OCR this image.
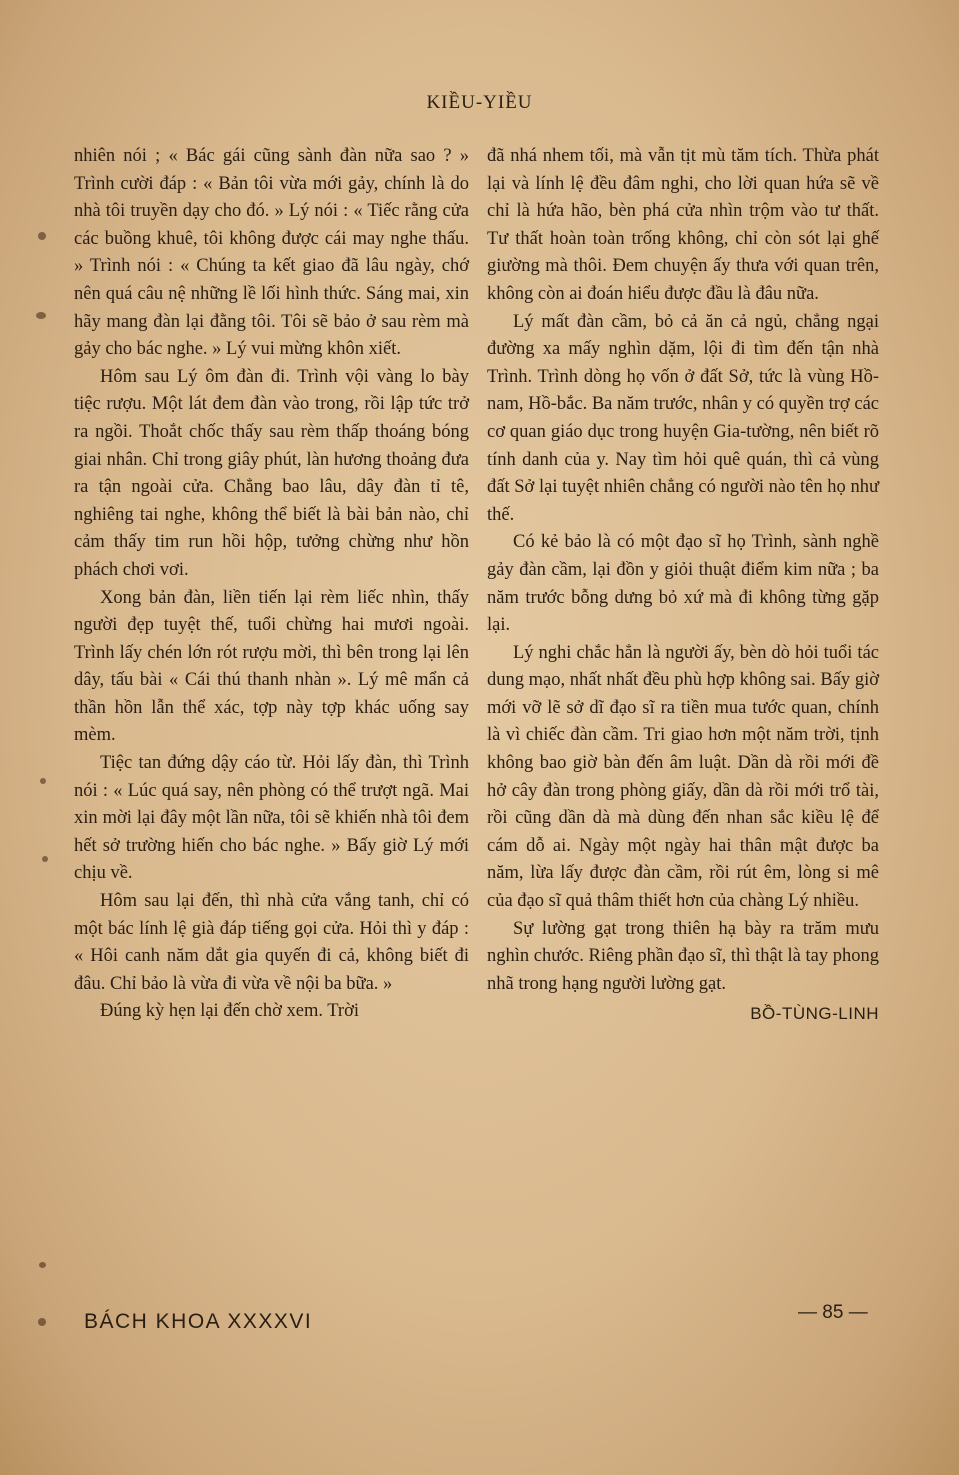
KIỀU-YIỀU

nhiên nói ; « Bác gái cũng sành đàn nữa sao ? » Trình cười đáp : « Bản tôi vừa mới gảy, chính là do nhà tôi truyền dạy cho đó. » Lý nói : « Tiếc rằng cửa các buồng khuê, tôi không được cái may nghe thấu. » Trình nói : « Chúng ta kết giao đã lâu ngày, chớ nên quá câu nệ những lề lối hình thức. Sáng mai, xin hãy mang đàn lại đằng tôi. Tôi sẽ bảo ở sau rèm mà gảy cho bác nghe. » Lý vui mừng khôn xiết.

Hôm sau Lý ôm đàn đi. Trình vội vàng lo bày tiệc rượu. Một lát đem đàn vào trong, rồi lập tức trở ra ngồi. Thoắt chốc thấy sau rèm thấp thoáng bóng giai nhân. Chỉ trong giây phút, làn hương thoảng đưa ra tận ngoài cửa. Chẳng bao lâu, dây đàn tỉ tê, nghiêng tai nghe, không thể biết là bài bản nào, chỉ cảm thấy tim run hồi hộp, tưởng chừng như hồn phách chơi vơi.

Xong bản đàn, liền tiến lại rèm liếc nhìn, thấy người đẹp tuyệt thế, tuổi chừng hai mươi ngoài. Trình lấy chén lớn rót rượu mời, thì bên trong lại lên dây, tấu bài « Cái thú thanh nhàn ». Lý mê mẩn cả thần hồn lẫn thể xác, tợp này tợp khác uống say mèm.

Tiệc tan đứng dậy cáo từ. Hỏi lấy đàn, thì Trình nói : « Lúc quá say, nên phòng có thể trượt ngã. Mai xin mời lại đây một lần nữa, tôi sẽ khiến nhà tôi đem hết sở trường hiến cho bác nghe. » Bấy giờ Lý mới chịu về.

Hôm sau lại đến, thì nhà cửa vắng tanh, chỉ có một bác lính lệ già đáp tiếng gọi cửa. Hỏi thì y đáp : « Hôi canh năm dắt gia quyến đi cả, không biết đi đâu. Chỉ bảo là vừa đi vừa về nội ba bữa. »

Đúng kỳ hẹn lại đến chờ xem. Trời

đã nhá nhem tối, mà vẫn tịt mù tăm tích. Thừa phát lại và lính lệ đều đâm nghi, cho lời quan hứa sẽ về chỉ là hứa hão, bèn phá cửa nhìn trộm vào tư thất. Tư thất hoàn toàn trống không, chỉ còn sót lại ghế giường mà thôi. Đem chuyện ấy thưa với quan trên, không còn ai đoán hiểu được đầu là đâu nữa.

Lý mất đàn cầm, bỏ cả ăn cả ngủ, chẳng ngại đường xa mấy nghìn dặm, lội đi tìm đến tận nhà Trình. Trình dòng họ vốn ở đất Sở, tức là vùng Hồ-nam, Hồ-bắc. Ba năm trước, nhân y có quyền trợ các cơ quan giáo dục trong huyện Gia-tường, nên biết rõ tính danh của y. Nay tìm hỏi quê quán, thì cả vùng đất Sở lại tuyệt nhiên chẳng có người nào tên họ như thế.

Có kẻ bảo là có một đạo sĩ họ Trình, sành nghề gảy đàn cầm, lại đồn y giỏi thuật điểm kim nữa ; ba năm trước bỗng dưng bỏ xứ mà đi không từng gặp lại.

Lý nghi chắc hẳn là người ấy, bèn dò hỏi tuổi tác dung mạo, nhất nhất đều phù hợp không sai. Bấy giờ mới vỡ lẽ sở dĩ đạo sĩ ra tiền mua tước quan, chính là vì chiếc đàn cầm. Tri giao hơn một năm trời, tịnh không bao giờ bàn đến âm luật. Dần dà rồi mới đề hở cây đàn trong phòng giấy, dần dà rồi mới trổ tài, rồi cũng dần dà mà dùng đến nhan sắc kiều lệ để cám dỗ ai. Ngày một ngày hai thân mật được ba năm, lừa lấy được đàn cầm, rồi rút êm, lòng si mê của đạo sĩ quả thâm thiết hơn của chàng Lý nhiều.

Sự lường gạt trong thiên hạ bày ra trăm mưu nghìn chước. Riêng phần đạo sĩ, thì thật là tay phong nhã trong hạng người lường gạt.

BỒ-TÙNG-LINH
BÁCH KHOA XXXXVI	— 85 —
